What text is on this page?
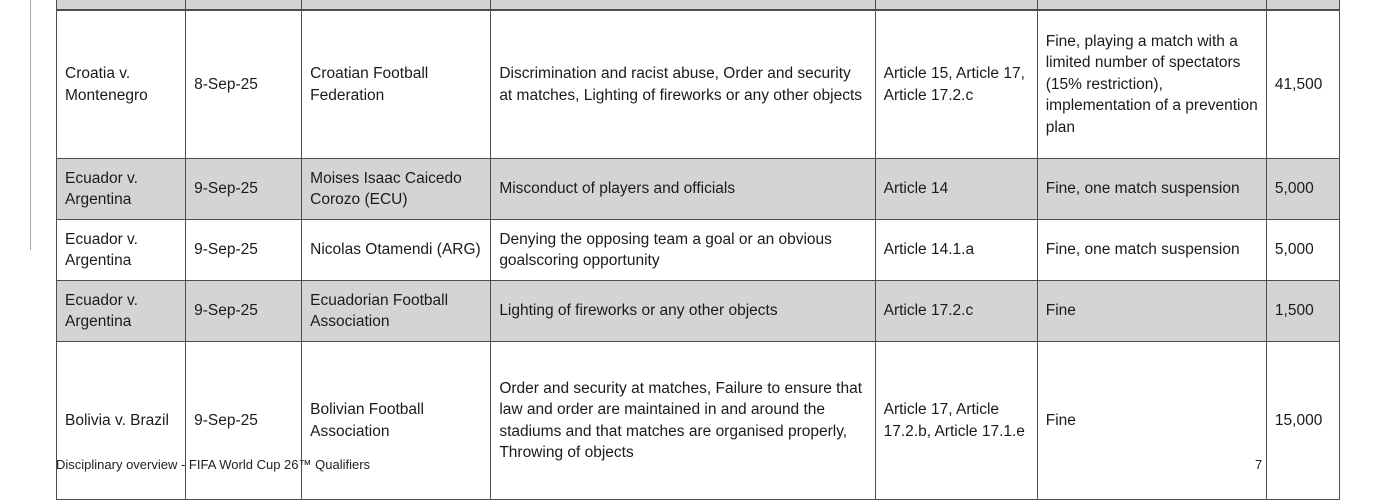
Croatia v. Montenegro	8-Sep-25	Croatian Football Federation	Discrimination and racist abuse, Order and security at matches, Lighting of fireworks or any other objects	Article 15, Article 17, Article 17.2.c	Fine, playing a match with a limited number of spectators (15% restriction), implementation of a prevention plan	41,500
Ecuador v. Argentina	9-Sep-25	Moises Isaac Caicedo Corozo (ECU)	Misconduct of players and officials	Article 14	Fine, one match suspension	5,000
Ecuador v. Argentina	9-Sep-25	Nicolas Otamendi (ARG)	Denying the opposing team a goal or an obvious goalscoring opportunity	Article 14.1.a	Fine, one match suspension	5,000
Ecuador v. Argentina	9-Sep-25	Ecuadorian Football Association	Lighting of fireworks or any other objects	Article 17.2.c	Fine	1,500
Bolivia v. Brazil	9-Sep-25	Bolivian Football Association	Order and security at matches, Failure to ensure that law and order are maintained in and around the stadiums and that matches are organised properly, Throwing of objects	Article 17, Article 17.2.b, Article 17.1.e	Fine	15,000
Disciplinary overview - FIFA World Cup 26™ Qualifiers	7
